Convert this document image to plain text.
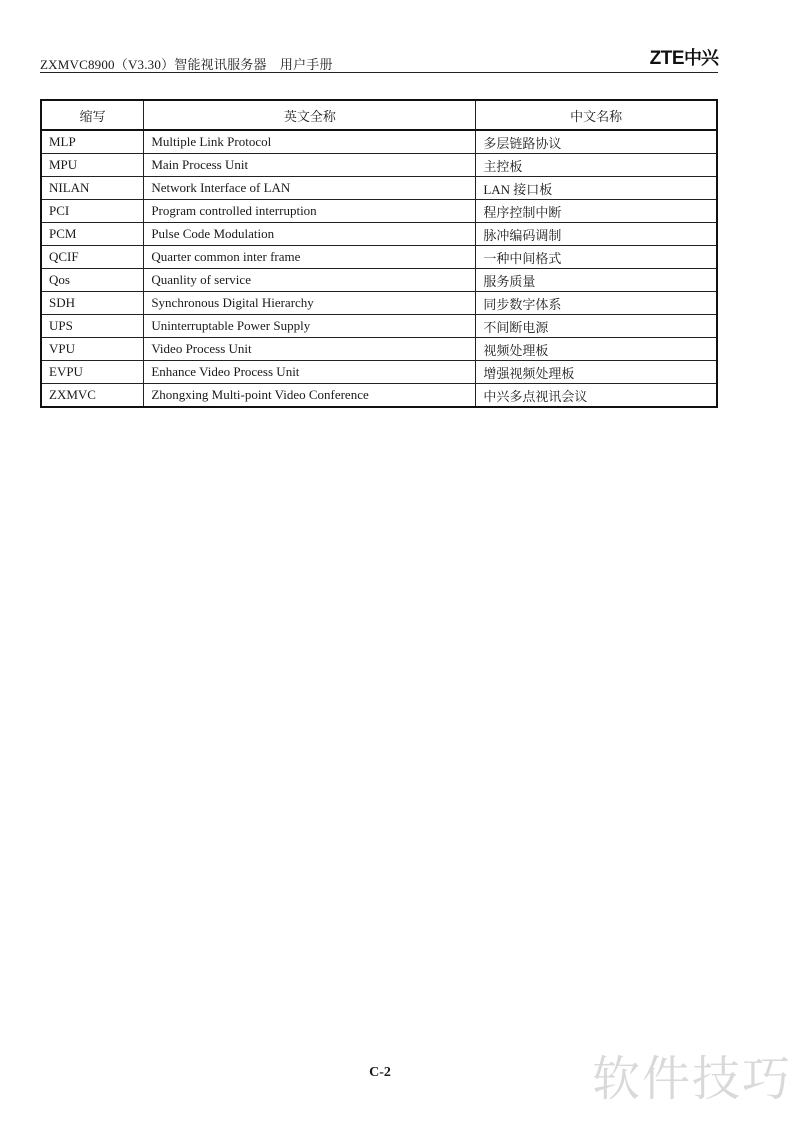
ZXMVC8900（V3.30）智能视讯服务器　用户手册	ZTE中兴
缩写	英文全称	中文名称
MLP	Multiple Link Protocol	多层链路协议
MPU	Main Process Unit	主控板
NILAN	Network Interface of LAN	LAN 接口板
PCI	Program controlled interruption	程序控制中断
PCM	Pulse Code Modulation	脉冲编码调制
QCIF	Quarter common inter frame	一种中间格式
Qos	Quanlity of service	服务质量
SDH	Synchronous Digital Hierarchy	同步数字体系
UPS	Uninterruptable Power Supply	不间断电源
VPU	Video Process Unit	视频处理板
EVPU	Enhance Video Process Unit	增强视频处理板
ZXMVC	Zhongxing Multi-point Video Conference	中兴多点视讯会议
C-2	软件技巧
